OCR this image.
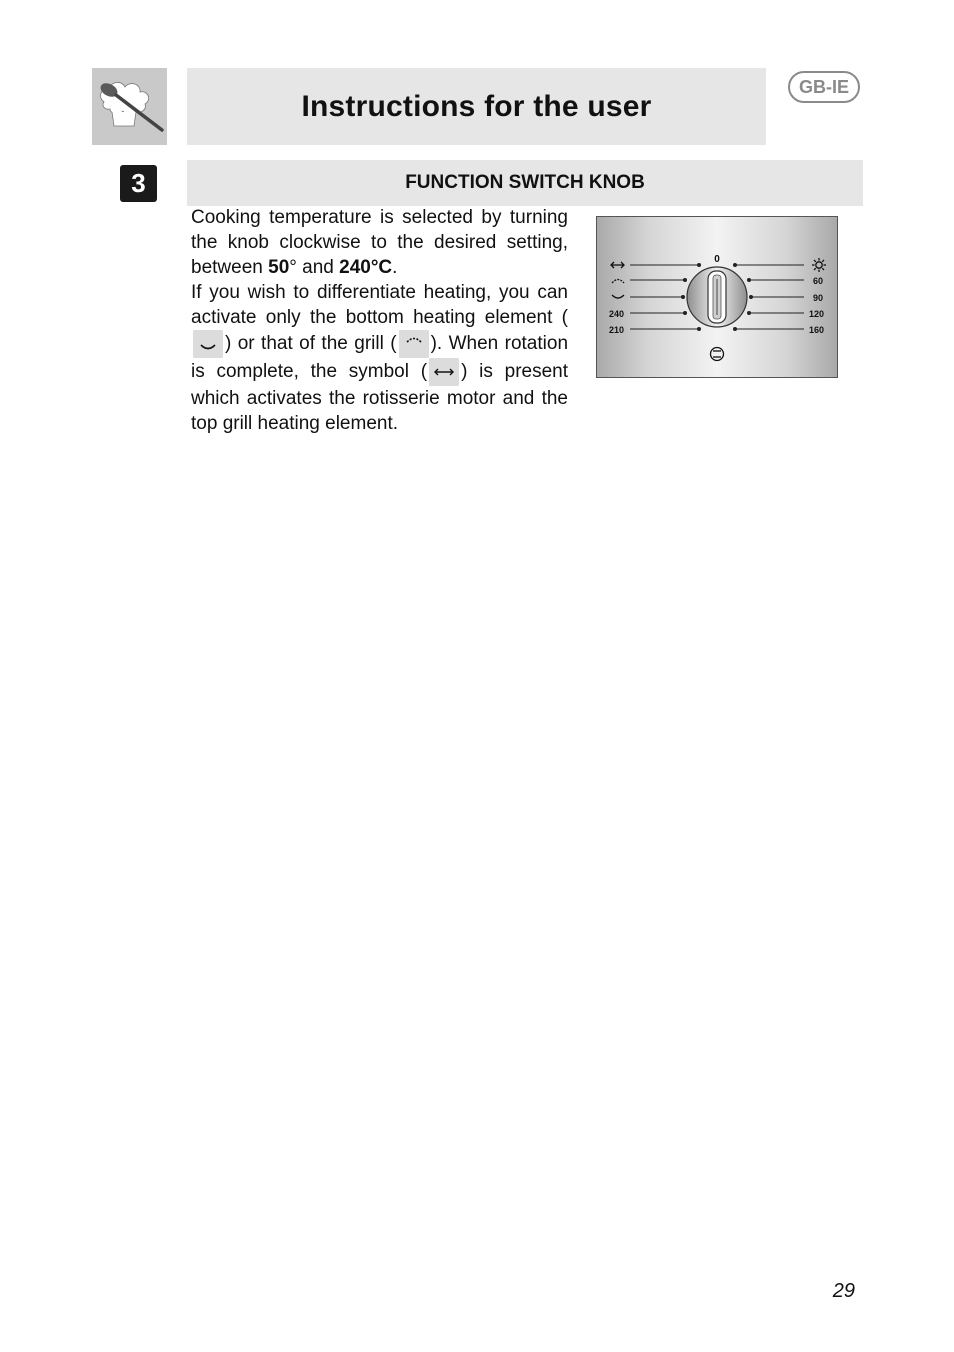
Instructions for the user
GB-IE
3	FUNCTION SWITCH KNOB

Cooking temperature is selected by turning the knob clockwise to the desired setting, between 50° and 240°C.

If you wish to differentiate heating, you can activate only the bottom heating element (
) or that of the grill ( ). When rotation is complete, the symbol ( ) is present which activates the rotisserie motor and the top grill heating element.

0
240
210
60
90
120
160
29
